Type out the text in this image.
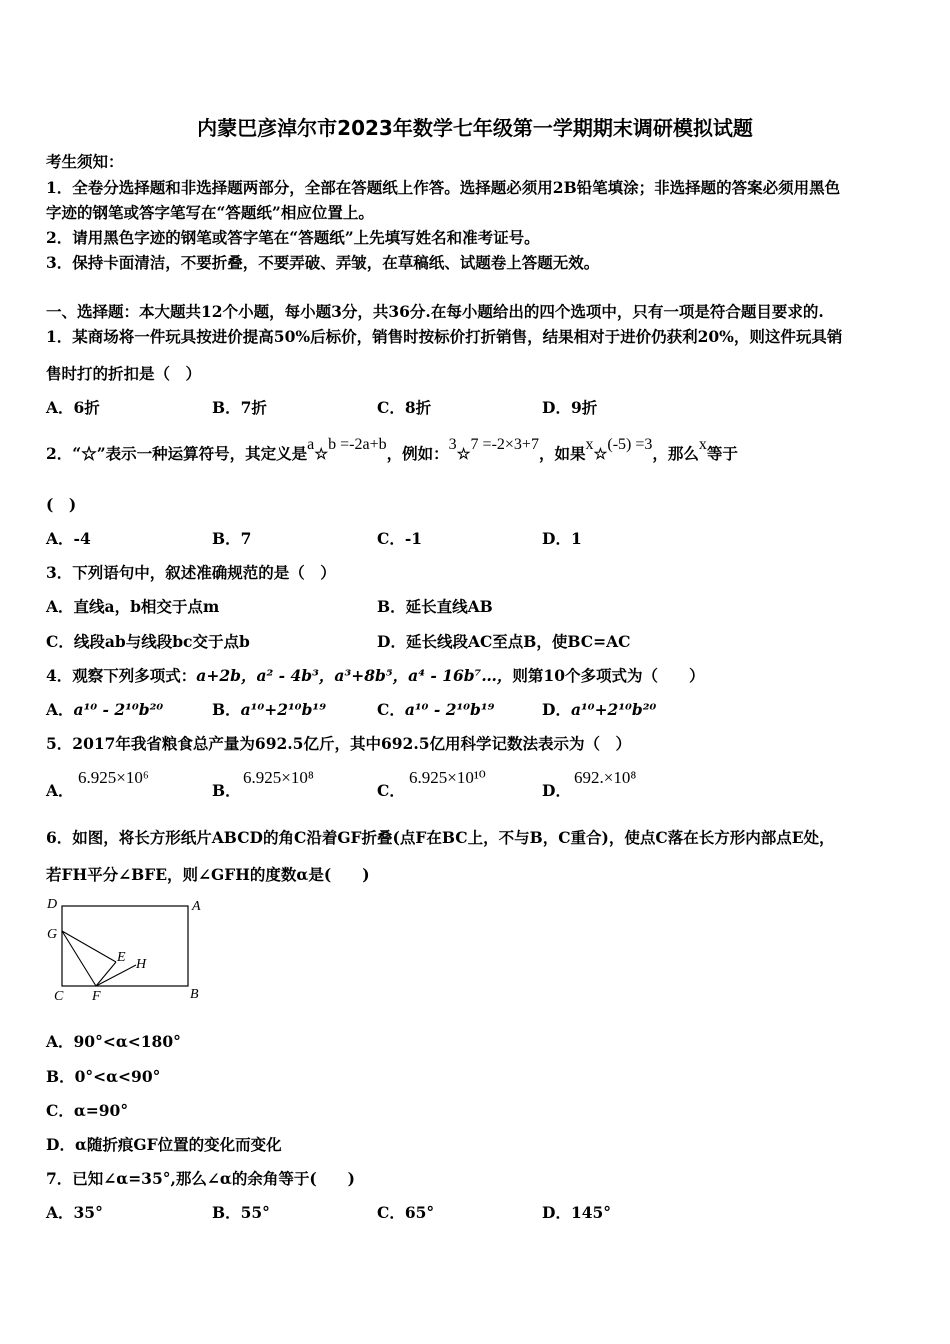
内蒙巴彦淖尔市2023年数学七年级第一学期期末调研模拟试题
考生须知：
1．全卷分选择题和非选择题两部分，全部在答题纸上作答。选择题必须用2B铅笔填涂；非选择题的答案必须用黑色
字迹的钢笔或答字笔写在“答题纸”相应位置上。
2．请用黑色字迹的钢笔或答字笔在“答题纸”上先填写姓名和准考证号。
3．保持卡面清洁，不要折叠，不要弄破、弄皱，在草稿纸、试题卷上答题无效。
一、选择题：本大题共12个小题，每小题3分，共36分.在每小题给出的四个选项中，只有一项是符合题目要求的.
1．某商场将一件玩具按进价提高50%后标价，销售时按标价打折销售，结果相对于进价仍获利20%，则这件玩具销
售时打的折扣是（　）
A．6折	B．7折	C．8折	D．9折
2．“☆”表示一种运算符号，其定义是a☆b =-2a+b，例如：3☆7 =-2×3+7，如果x☆(-5) =3，那么x等于
(　)
A．-4	B．7	C．-1	D．1
3．下列语句中，叙述准确规范的是（　）
A．直线a，b相交于点m	B．延长直线AB
C．线段ab与线段bc交于点b	D．延长线段AC至点B，使BC=AC
4．观察下列多项式：a+2b，a² - 4b³，a³+8b⁵，a⁴ - 16b⁷…，则第10个多项式为（　　）
A．a¹⁰ - 2¹⁰b²⁰	B．a¹⁰+2¹⁰b¹⁹	C．a¹⁰ - 2¹⁰b¹⁹	D．a¹⁰+2¹⁰b²⁰
5．2017年我省粮食总产量为692.5亿斤，其中692.5亿用科学记数法表示为（　）
A．
6.925×10⁶
B．
6.925×10⁸
C．
6.925×10¹⁰
D．
692.×10⁸
6．如图，将长方形纸片ABCD的角C沿着GF折叠(点F在BC上，不与B，C重合)，使点C落在长方形内部点E处，
若FH平分∠BFE，则∠GFH的度数α是(　　)
D	A
G
E H
C F	B
A．90°<α<180°
B．0°<α<90°
C．α=90°
D．α随折痕GF位置的变化而变化
7．已知∠α=35°,那么∠α的余角等于(　　)
A．35°	B．55°	C．65°	D．145°
